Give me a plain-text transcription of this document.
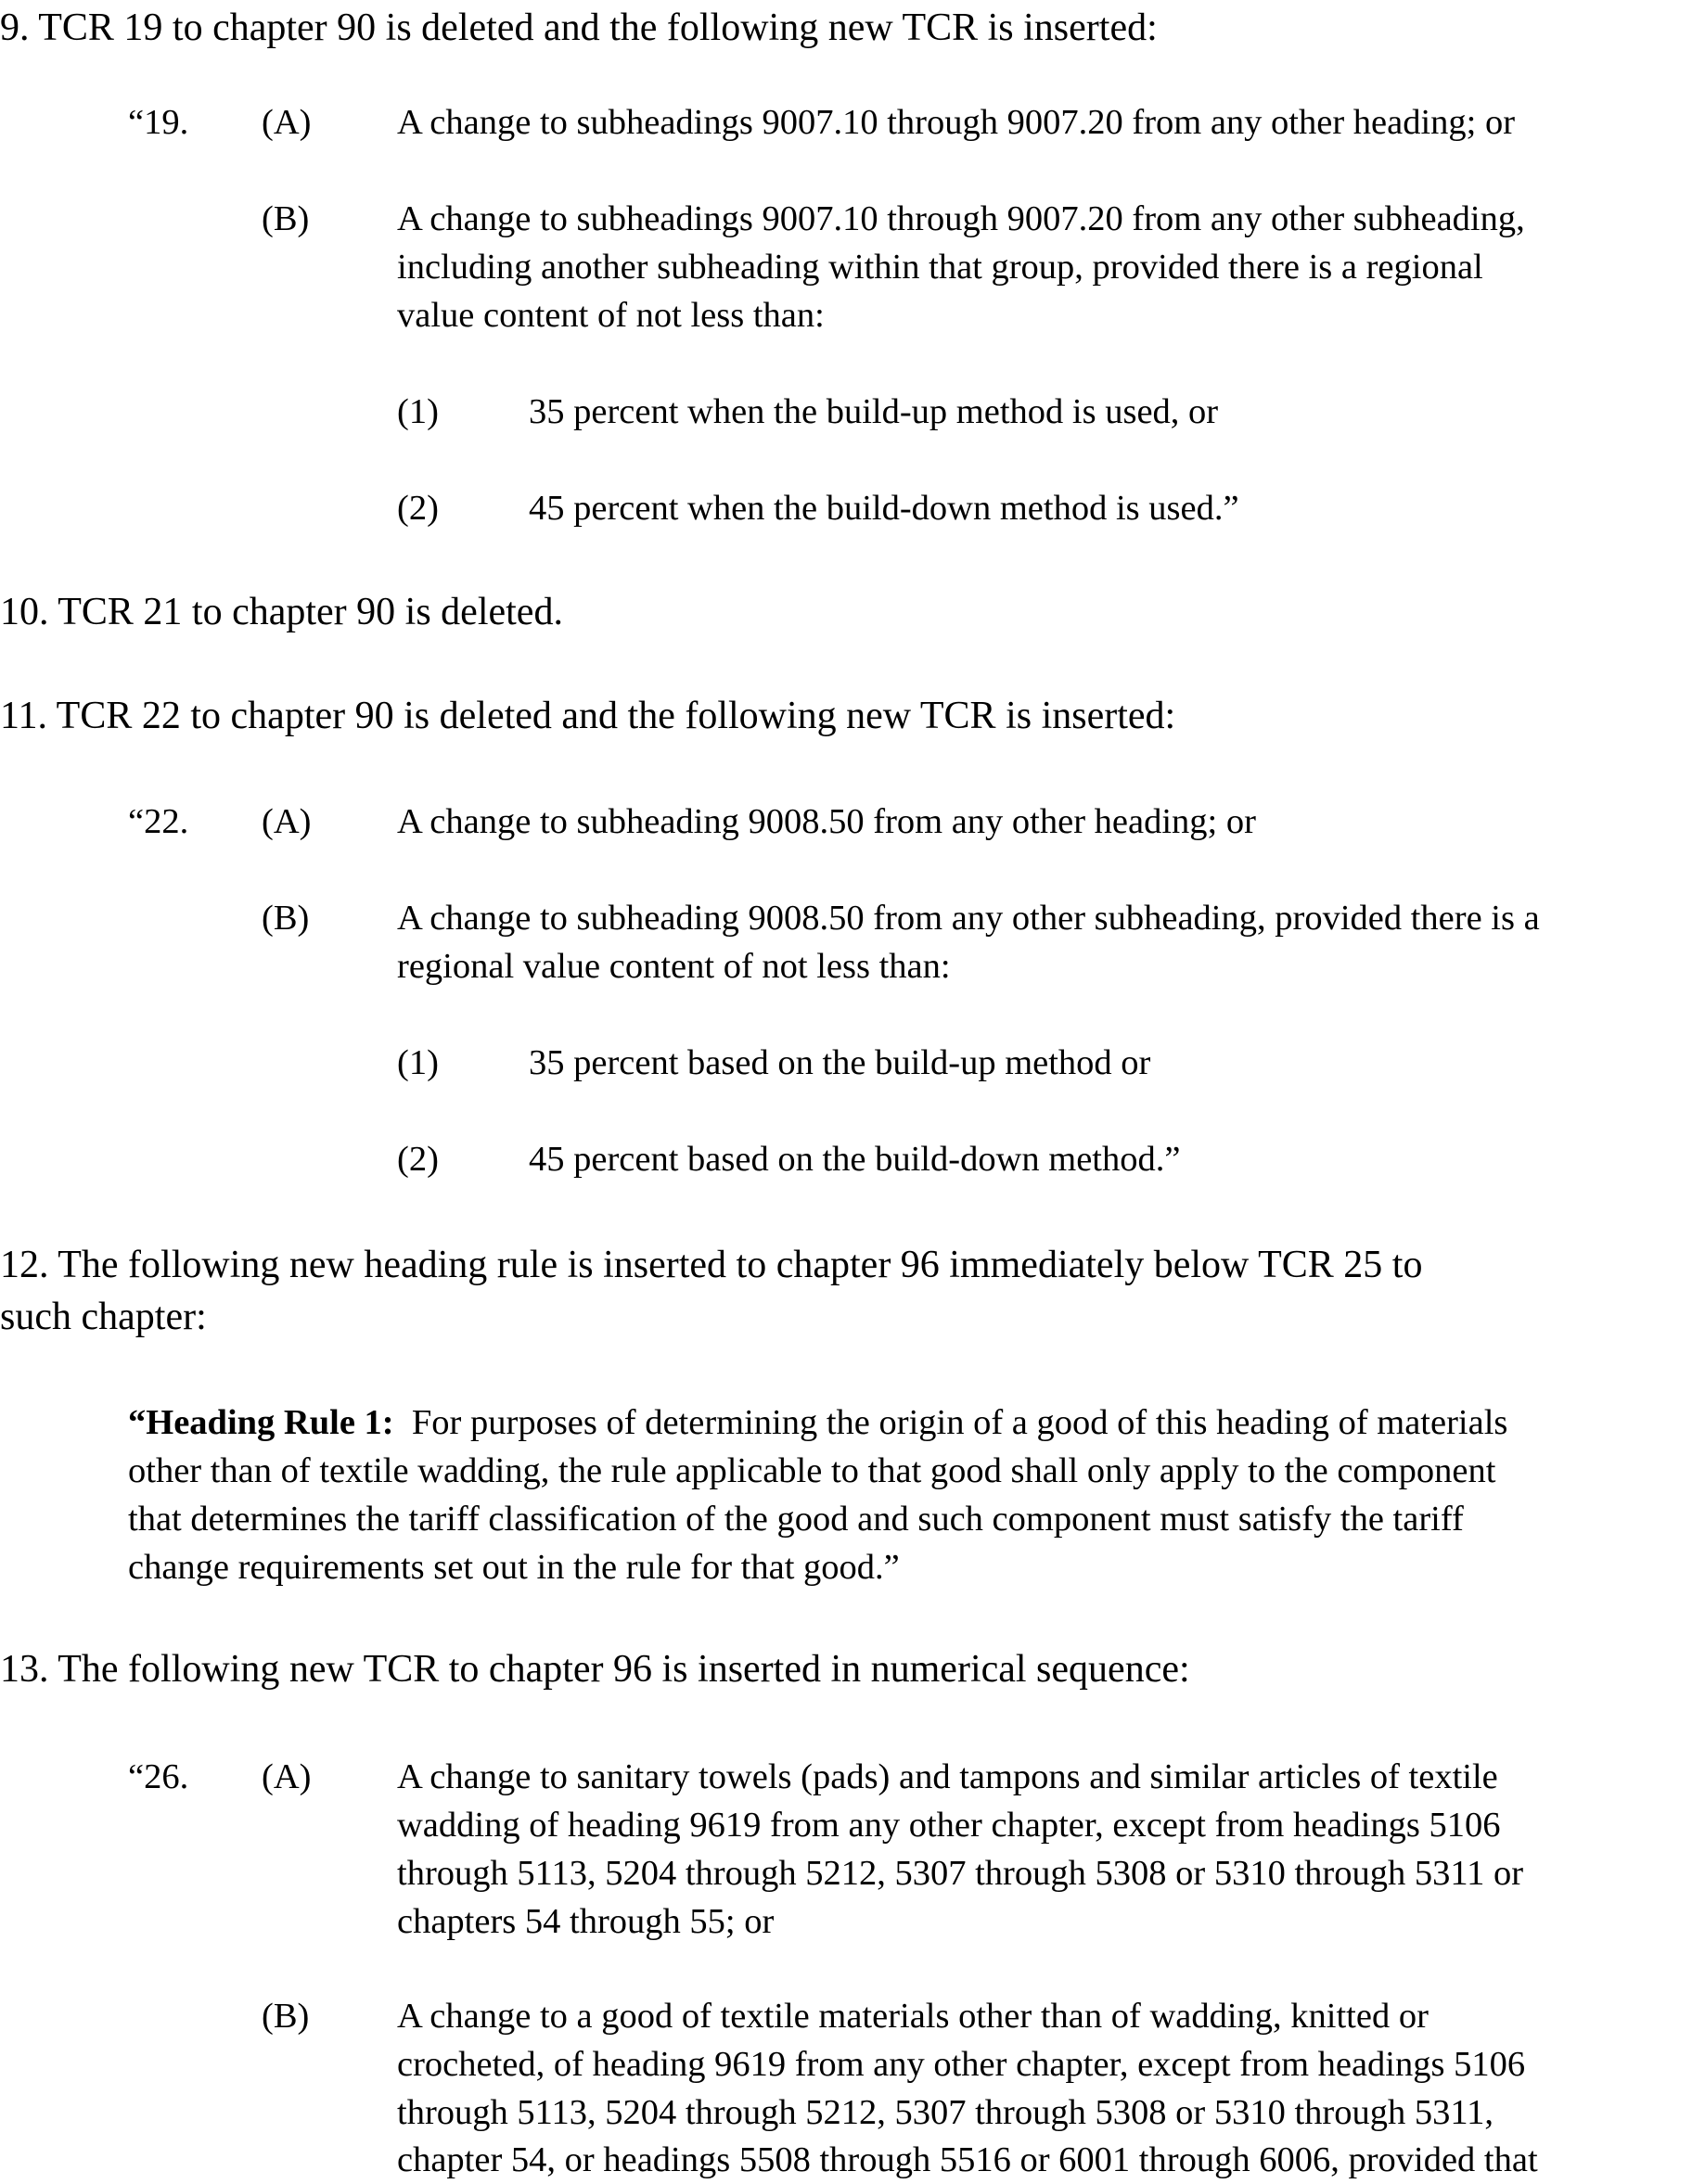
9. TCR 19 to chapter 90 is deleted and the following new TCR is inserted:
“19. (A) A change to subheadings 9007.10 through 9007.20 from any other heading; or
(B) A change to subheadings 9007.10 through 9007.20 from any other subheading,
including another subheading within that group, provided there is a regional
value content of not less than:
(1)	35 percent when the build-up method is used, or
(2)	45 percent when the build-down method is used.”
10. TCR 21 to chapter 90 is deleted.
11. TCR 22 to chapter 90 is deleted and the following new TCR is inserted:
“22. (A) A change to subheading 9008.50 from any other heading; or
(B) A change to subheading 9008.50 from any other subheading, provided there is a
regional value content of not less than:
(1)	35 percent based on the build-up method or
(2)	45 percent based on the build-down method.”
12. The following new heading rule is inserted to chapter 96 immediately below TCR 25 to
such chapter:
“Heading Rule 1: For purposes of determining the origin of a good of this heading of materials
other than of textile wadding, the rule applicable to that good shall only apply to the component
that determines the tariff classification of the good and such component must satisfy the tariff
change requirements set out in the rule for that good.”
13. The following new TCR to chapter 96 is inserted in numerical sequence:
“26. (A) A change to sanitary towels (pads) and tampons and similar articles of textile
wadding of heading 9619 from any other chapter, except from headings 5106
through 5113, 5204 through 5212, 5307 through 5308 or 5310 through 5311 or
chapters 54 through 55; or
(B) A change to a good of textile materials other than of wadding, knitted or
crocheted, of heading 9619 from any other chapter, except from headings 5106
through 5113, 5204 through 5212, 5307 through 5308 or 5310 through 5311,
chapter 54, or headings 5508 through 5516 or 6001 through 6006, provided that
